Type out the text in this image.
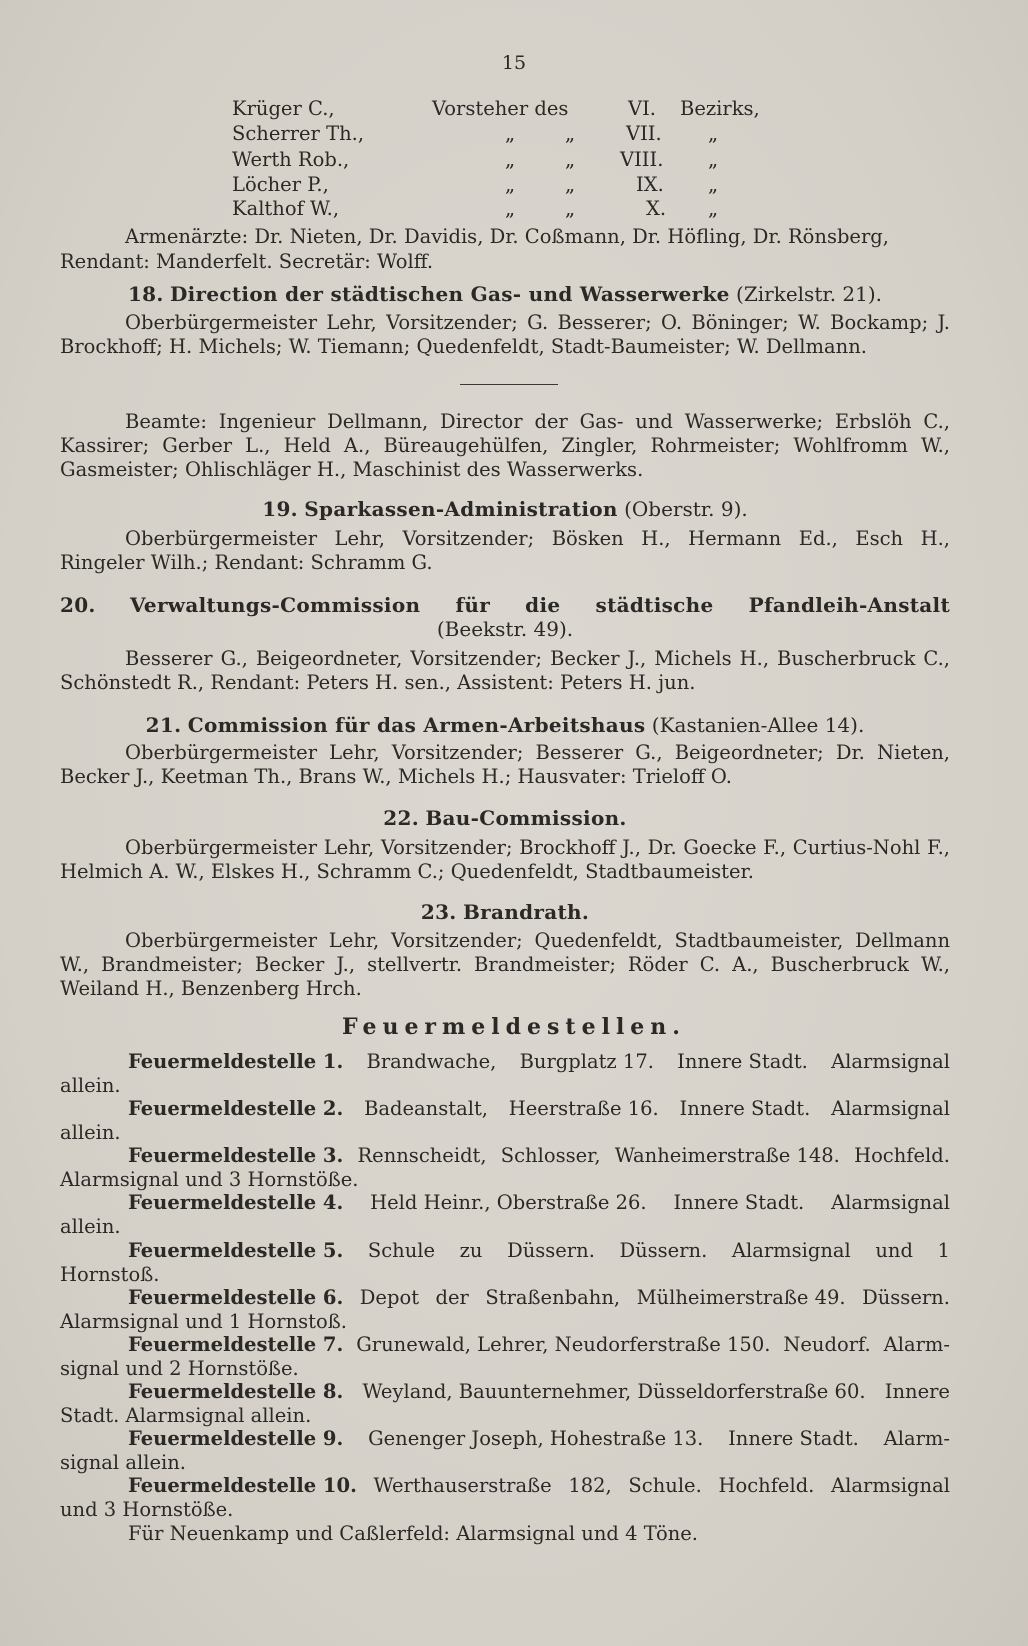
15
Krüger C.,	Vorsteher des	VI. Bezirks,
Scherrer Th.,	„	„	VII. „
Werth Rob.,	„	„ VIII. „
Löcher P.,	„	„	IX. „
Kalthof W.,	„	„	X. „
Armenärzte: Dr. Nieten, Dr. Davidis, Dr. Coßmann, Dr. Höfling, Dr. Rönsberg,
Rendant: Manderfelt. Secretär: Wolff.
18. Direction der städtischen Gas- und Wasserwerke (Zirkelstr. 21).
Oberbürgermeister Lehr, Vorsitzender; G. Besserer; O. Böninger; W. Bockamp; J. Brockhoff; H. Michels; W. Tiemann; Quedenfeldt, Stadt-Baumeister; W. Dellmann.
Beamte: Ingenieur Dellmann, Director der Gas- und Wasserwerke; Erbslöh C., Kassirer; Gerber L., Held A., Büreaugehülfen, Zingler, Rohrmeister; Wohlfromm W., Gasmeister; Ohlischläger H., Maschinist des Wasserwerks.
19. Sparkassen-Administration (Oberstr. 9).
Oberbürgermeister Lehr, Vorsitzender; Bösken H., Hermann Ed., Esch H., Ringeler Wilh.; Rendant: Schramm G.
20. Verwaltungs-Commission für die städtische Pfandleih-Anstalt
(Beekstr. 49).
Besserer G., Beigeordneter, Vorsitzender; Becker J., Michels H., Buscherbruck C., Schönstedt R., Rendant: Peters H. sen., Assistent: Peters H. jun.
21. Commission für das Armen-Arbeitshaus (Kastanien-Allee 14).
Oberbürgermeister Lehr, Vorsitzender; Besserer G., Beigeordneter; Dr. Nieten, Becker J., Keetman Th., Brans W., Michels H.; Hausvater: Trieloff O.
22. Bau-Commission.
Oberbürgermeister Lehr, Vorsitzender; Brockhoff J., Dr. Goecke F., Curtius-Nohl F., Helmich A. W., Elskes H., Schramm C.; Quedenfeldt, Stadtbaumeister.
23. Brandrath.
Oberbürgermeister Lehr, Vorsitzender; Quedenfeldt, Stadtbaumeister, Dellmann W., Brandmeister; Becker J., stellvertr. Brandmeister; Röder C. A., Buscherbruck W., Weiland H., Benzenberg Hrch.
Feuermeldestellen.
Feuermeldestelle 1. Brandwache, Burgplatz 17. Innere Stadt. Alarmsignal
allein.
Feuermeldestelle 2. Badeanstalt, Heerstraße 16. Innere Stadt. Alarmsignal
allein.
Feuermeldestelle 3. Rennscheidt, Schlosser, Wanheimerstraße 148. Hochfeld.
Alarmsignal und 3 Hornstöße.
Feuermeldestelle 4. Held Heinr., Oberstraße 26. Innere Stadt. Alarmsignal
allein.
Feuermeldestelle 5. Schule zu Düssern. Düssern. Alarmsignal und 1
Hornstoß.
Feuermeldestelle 6. Depot der Straßenbahn, Mülheimerstraße 49. Düssern.
Alarmsignal und 1 Hornstoß.
Feuermeldestelle 7. Grunewald, Lehrer, Neudorferstraße 150. Neudorf. Alarm-
signal und 2 Hornstöße.
Feuermeldestelle 8. Weyland, Bauunternehmer, Düsseldorferstraße 60. Innere
Stadt. Alarmsignal allein.
Feuermeldestelle 9. Genenger Joseph, Hohestraße 13. Innere Stadt. Alarm-
signal allein.
Feuermeldestelle 10. Werthauserstraße 182, Schule. Hochfeld. Alarmsignal
und 3 Hornstöße.
Für Neuenkamp und Caßlerfeld: Alarmsignal und 4 Töne.
